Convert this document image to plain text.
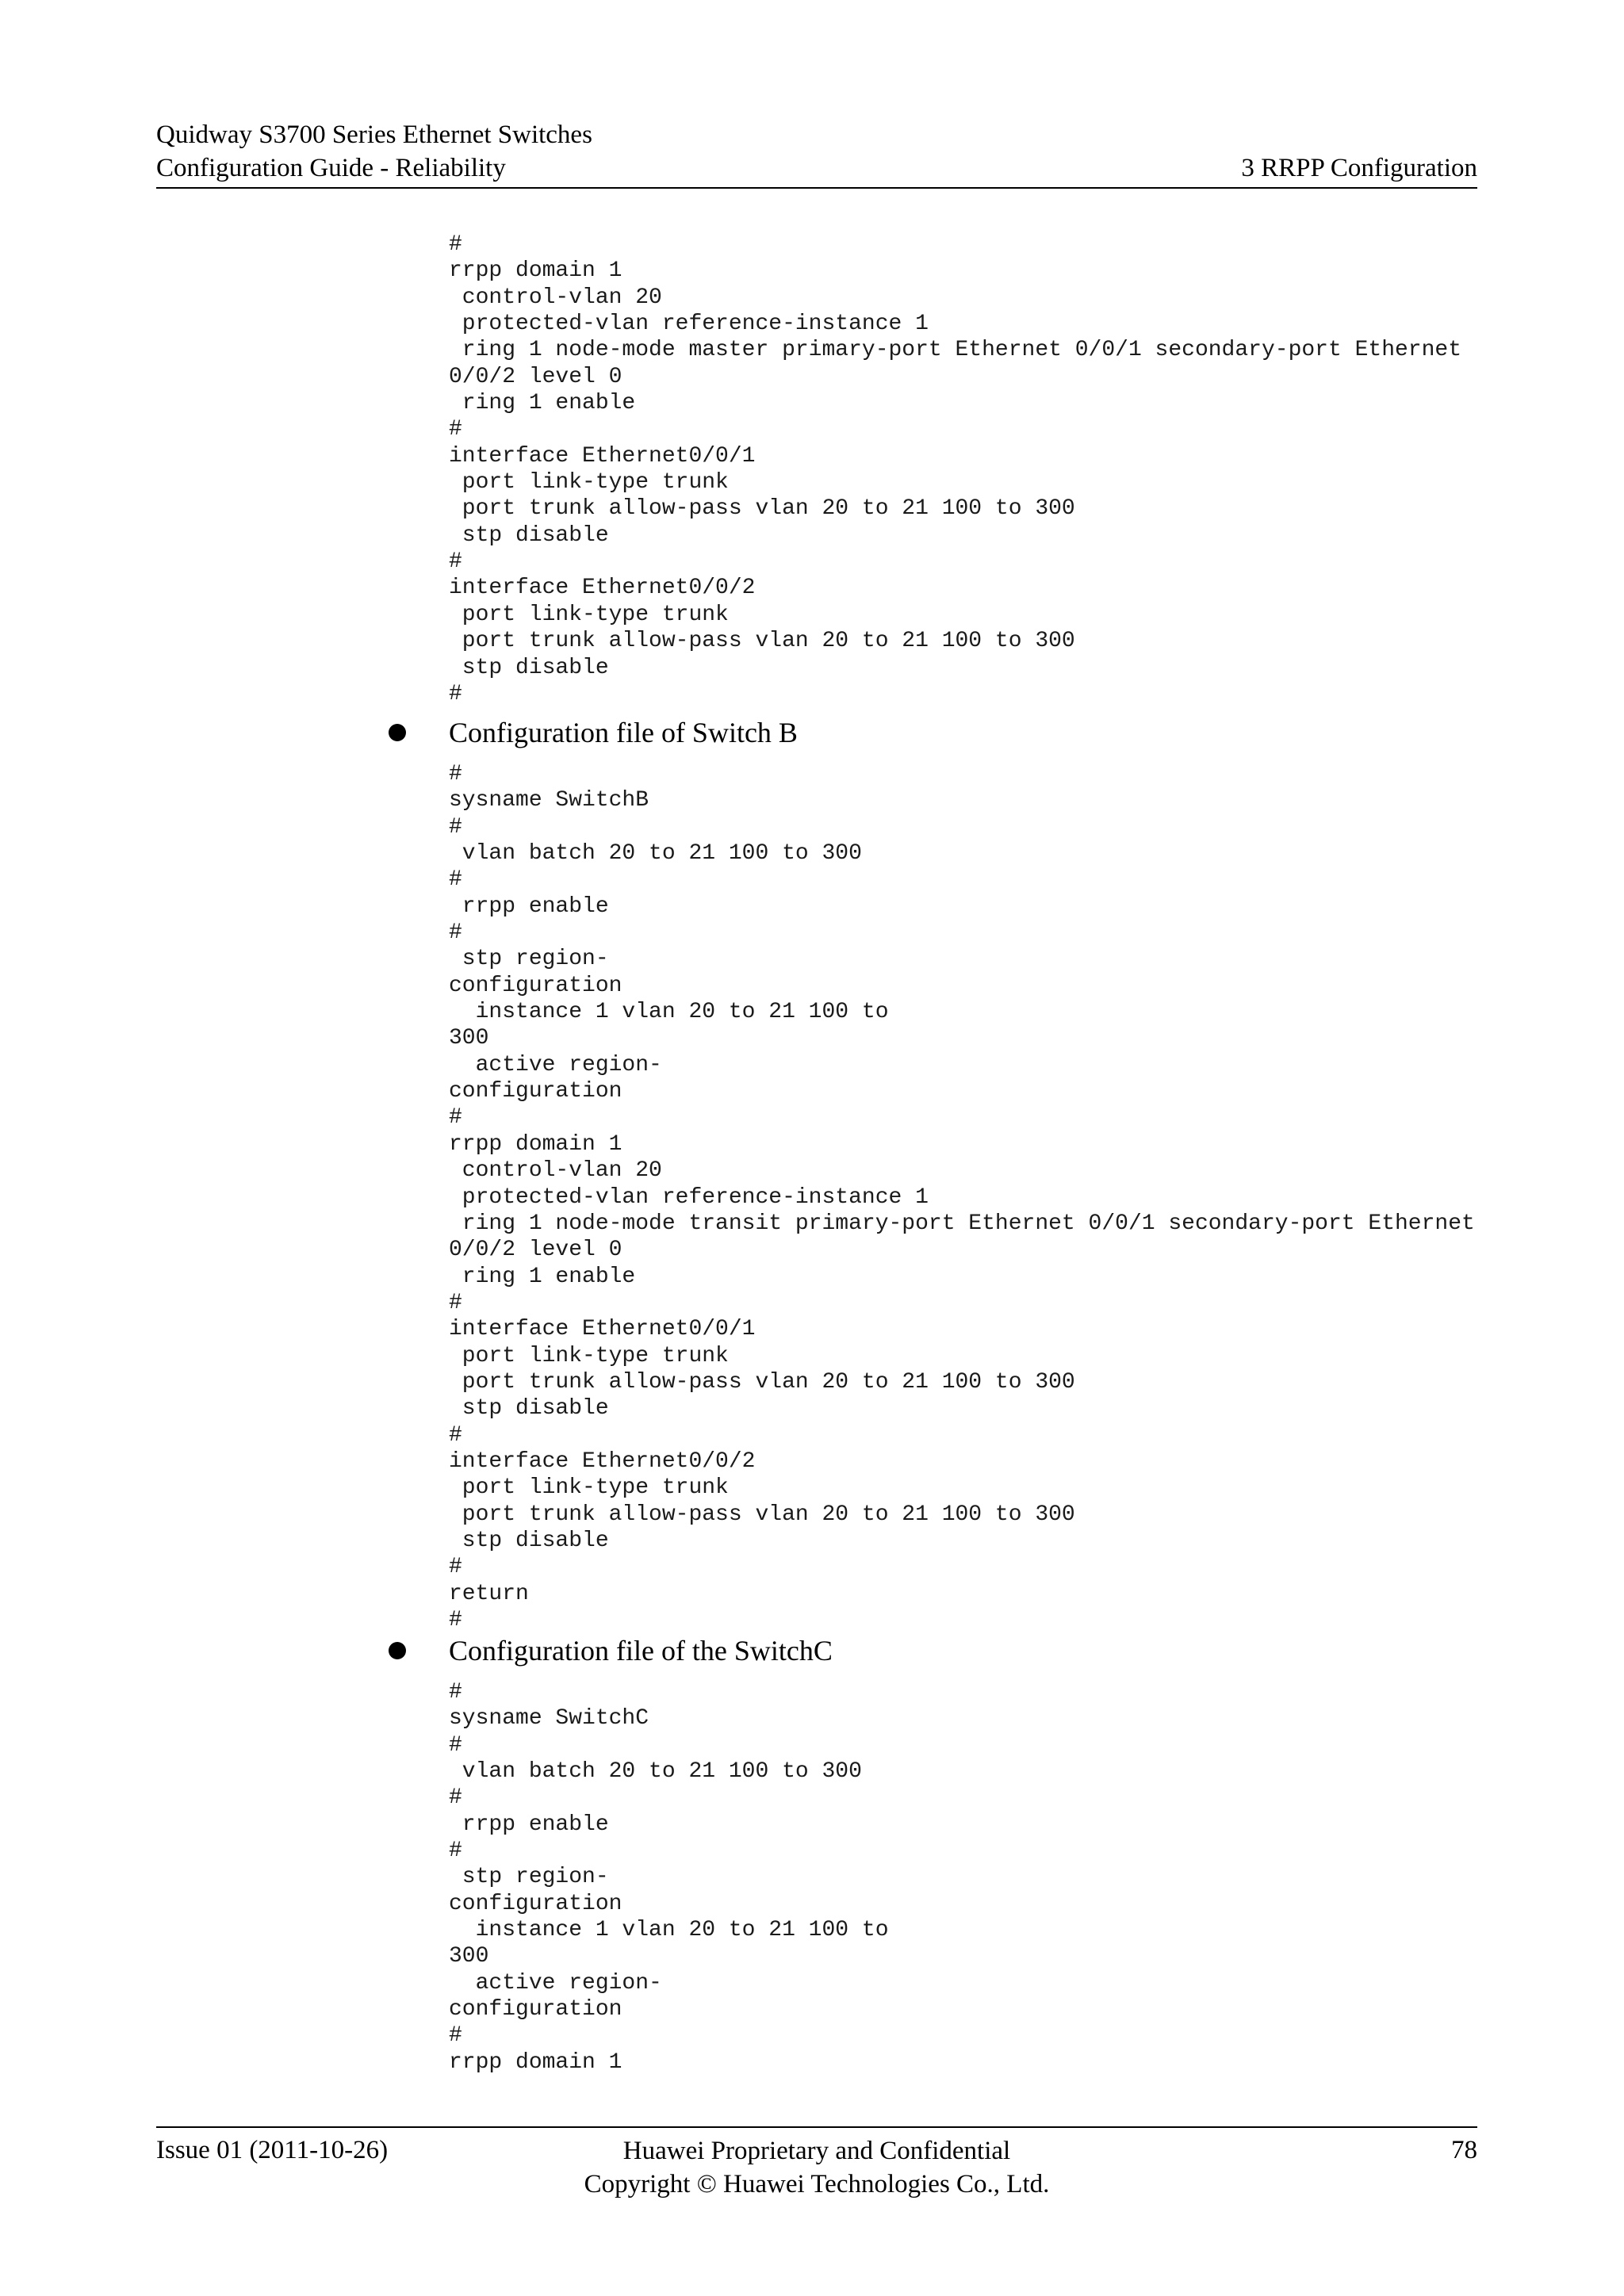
Quidway S3700 Series Ethernet Switches
Configuration Guide - Reliability	3 RRPP Configuration
#
rrpp domain 1
control-vlan 20
protected-vlan reference-instance 1
ring 1 node-mode master primary-port Ethernet 0/0/1 secondary-port Ethernet
0/0/2 level 0
ring 1 enable
#
interface Ethernet0/0/1
port link-type trunk
port trunk allow-pass vlan 20 to 21 100 to 300
stp disable
#
interface Ethernet0/0/2
port link-type trunk
port trunk allow-pass vlan 20 to 21 100 to 300
stp disable
#
Configuration file of Switch B
#
sysname SwitchB
#
vlan batch 20 to 21 100 to 300
#
rrpp enable
#
stp region-
configuration
instance 1 vlan 20 to 21 100 to
300
active region-
configuration
#
rrpp domain 1
control-vlan 20
protected-vlan reference-instance 1
ring 1 node-mode transit primary-port Ethernet 0/0/1 secondary-port Ethernet
0/0/2 level 0
ring 1 enable
#
interface Ethernet0/0/1
port link-type trunk
port trunk allow-pass vlan 20 to 21 100 to 300
stp disable
#
interface Ethernet0/0/2
port link-type trunk
port trunk allow-pass vlan 20 to 21 100 to 300
stp disable
#
return
#
Configuration file of the SwitchC
#
sysname SwitchC
#
vlan batch 20 to 21 100 to 300
#
rrpp enable
#
stp region-
configuration
instance 1 vlan 20 to 21 100 to
300
active region-
configuration
#
rrpp domain 1
Issue 01 (2011-10-26)	Huawei Proprietary and Confidential
Copyright © Huawei Technologies Co., Ltd.
78
